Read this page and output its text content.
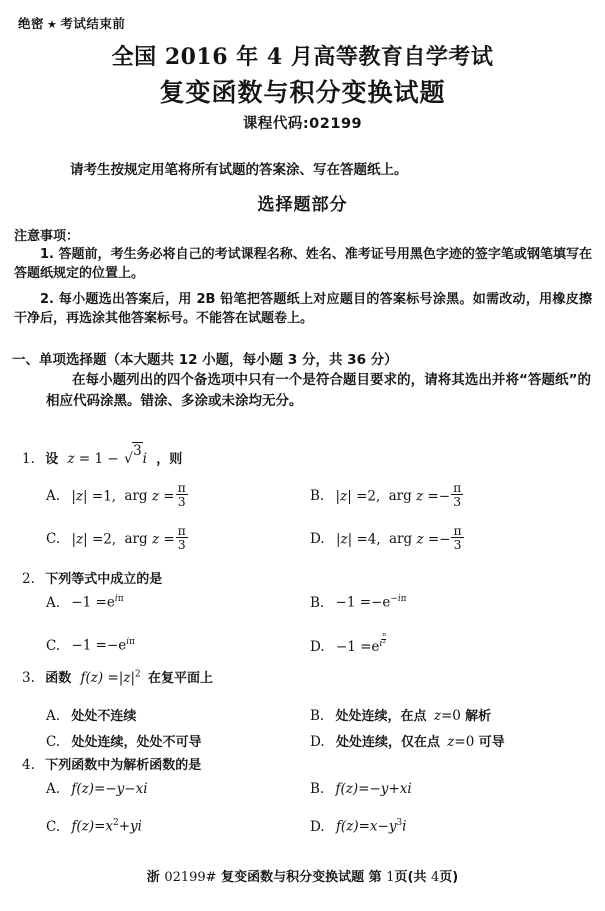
绝密 ★ 考试结束前
全国 2016 年 4 月高等教育自学考试
复变函数与积分变换试题
课程代码:02199
请考生按规定用笔将所有试题的答案涂、写在答题纸上。
选择题部分
注意事项：
1. 答题前，考生务必将自己的考试课程名称、姓名、准考证号用黑色字迹的签字笔或钢笔填写在答题纸规定的位置上。
2. 每小题选出答案后，用 2B 铅笔把答题纸上对应题目的答案标号涂黑。如需改动，用橡皮擦干净后，再选涂其他答案标号。不能答在试题卷上。
一、单项选择题（本大题共 12 小题，每小题 3 分，共 36 分）
在每小题列出的四个备选项中只有一个是符合题目要求的，请将其选出并将“答题纸”的相应代码涂黑。错涂、多涂或未涂均无分。
1. 设 z = 1 − √3i ，则
A. |z| =1, arg $z = \frac{\pi}{3}$	B. |z| =2, arg $z =- \frac{\pi}{3}$
C. |z| =2, arg $z = \frac{\pi}{3}$	D. |z| =4, arg $z =- \frac{\pi}{3}$
2. 下列等式中成立的是
A. $-1 =e^{i\pi}$	B. $-1 =-e^{-i\pi}$
C. $-1 =-e^{i\pi}$	D. $-1 =e^{i \frac{\pi}{2}}$
3. 函数 $f(z) =|z|^2$ 在复平面上
A. 处处不连续	B. 处处连续，在点 z=0 解析
C. 处处连续，处处不可导	D. 处处连续，仅在点 z=0 可导
4. 下列函数中为解析函数的是
A. f(z)=−y−xi	B. f(z)=−y+xi
C. $f(z)=x^2+yi$	D. $f(z)=x-y^3i$
浙 02199# 复变函数与积分变换试题 第 1页(共 4页)
